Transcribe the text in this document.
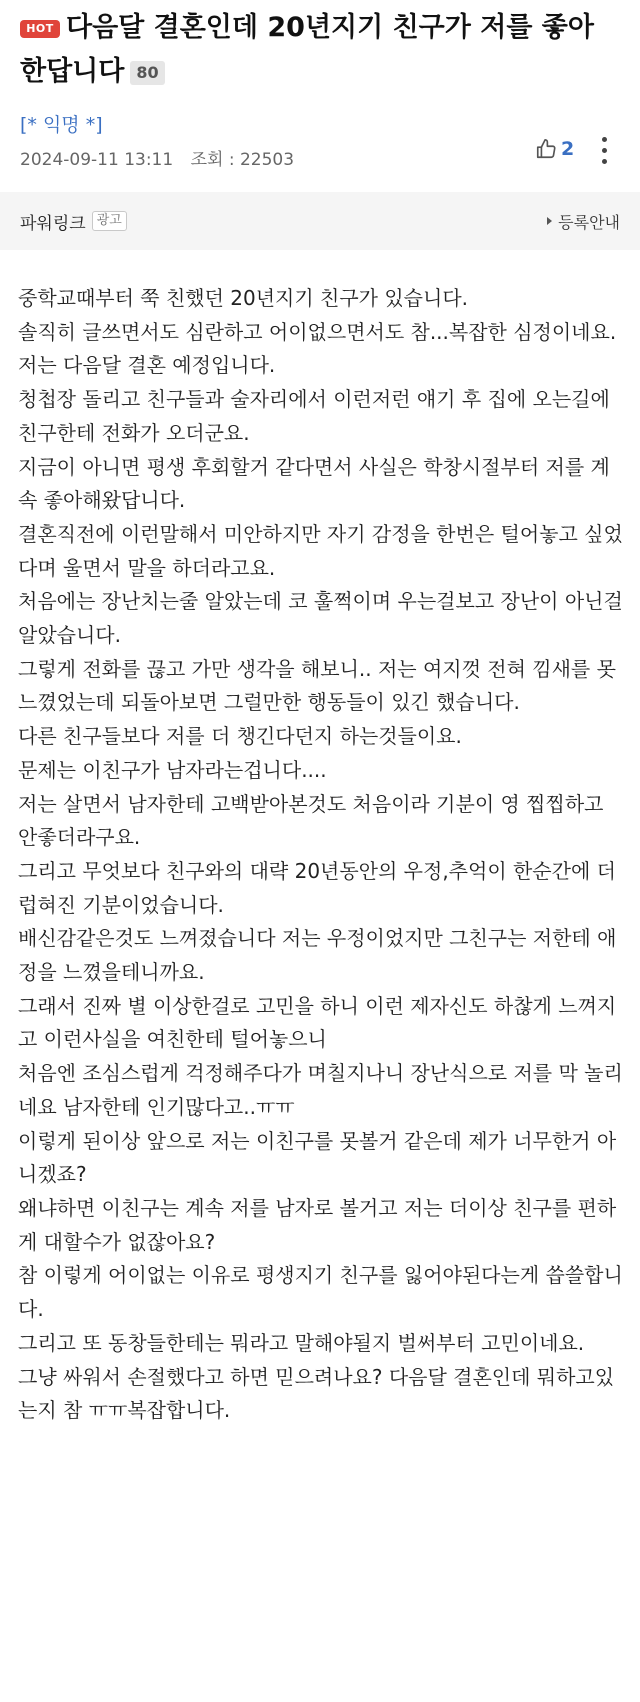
HOT 다음달 결혼인데 20년지기 친구가 저를 좋아한답니다 80
[* 익명 *]
2024-09-11 13:11 조회 : 22503	2
파워링크 광고	등록안내

중학교때부터 쭉 친했던 20년지기 친구가 있습니다.

솔직히 글쓰면서도 심란하고 어이없으면서도 참...복잡한 심정이네요.

저는 다음달 결혼 예정입니다.

청첩장 돌리고 친구들과 술자리에서 이런저런 얘기 후 집에 오는길에 친구한테 전화가 오더군요.

지금이 아니면 평생 후회할거 같다면서 사실은 학창시절부터 저를 계속 좋아해왔답니다.

결혼직전에 이런말해서 미안하지만 자기 감정을 한번은 털어놓고 싶었다며 울면서 말을 하더라고요.

처음에는 장난치는줄 알았는데 코 훌쩍이며 우는걸보고 장난이 아닌걸 알았습니다.

그렇게 전화를 끊고 가만 생각을 해보니.. 저는 여지껏 전혀 낌새를 못느꼈었는데 되돌아보면 그럴만한 행동들이 있긴 했습니다.

다른 친구들보다 저를 더 챙긴다던지 하는것들이요.

문제는 이친구가 남자라는겁니다....

저는 살면서 남자한테 고백받아본것도 처음이라 기분이 영 찝찝하고 안좋더라구요.

그리고 무엇보다 친구와의 대략 20년동안의 우정,추억이 한순간에 더럽혀진 기분이었습니다.

배신감같은것도 느껴졌습니다 저는 우정이었지만 그친구는 저한테 애정을 느꼈을테니까요.

그래서 진짜 별 이상한걸로 고민을 하니 이런 제자신도 하찮게 느껴지고 이런사실을 여친한테 털어놓으니

처음엔 조심스럽게 걱정해주다가 며칠지나니 장난식으로 저를 막 놀리네요 남자한테 인기많다고..ㅠㅠ

이렇게 된이상 앞으로 저는 이친구를 못볼거 같은데 제가 너무한거 아니겠죠?

왜냐하면 이친구는 계속 저를 남자로 볼거고 저는 더이상 친구를 편하게 대할수가 없잖아요?

참 이렇게 어이없는 이유로 평생지기 친구를 잃어야된다는게 씁쓸합니다.

그리고 또 동창들한테는 뭐라고 말해야될지 벌써부터 고민이네요.

그냥 싸워서 손절했다고 하면 믿으려나요? 다음달 결혼인데 뭐하고있는지 참 ㅠㅠ복잡합니다.
